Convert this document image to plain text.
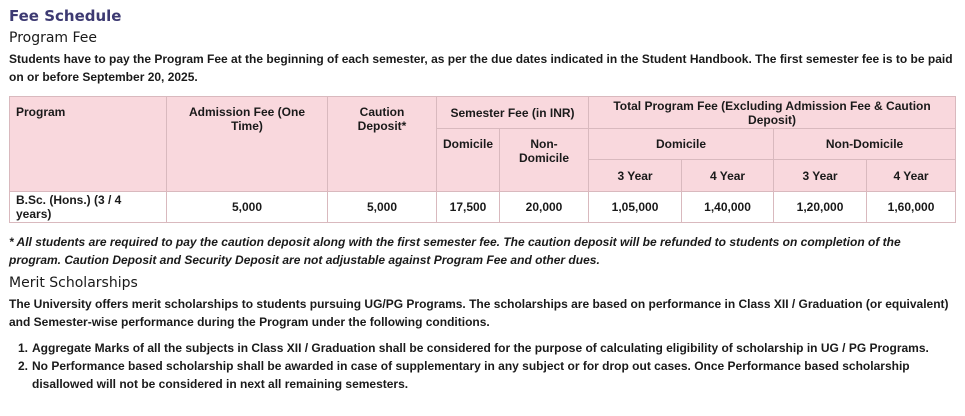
Fee Schedule
Program Fee

Students have to pay the Program Fee at the beginning of each semester, as per the due dates indicated in the Student Handbook. The first semester fee is to be paid on or before September 20, 2025.

Program	Admission Fee (One Time)	Caution Deposit*	Semester Fee (in INR)		Total Program Fee (Excluding Admission Fee & Caution Deposit)			
			Domicile	Non-Domicile	Domicile		Non-Domicile	
					3 Year	4 Year	3 Year	4 Year
B.Sc. (Hons.) (3 / 4 years)	5,000	5,000	17,500	20,000	1,05,000	1,40,000	1,20,000	1,60,000

* All students are required to pay the caution deposit along with the first semester fee. The caution deposit will be refunded to students on completion of the program. Caution Deposit and Security Deposit are not adjustable against Program Fee and other dues.

Merit Scholarships

The University offers merit scholarships to students pursuing UG/PG Programs. The scholarships are based on performance in Class XII / Graduation (or equivalent) and Semester-wise performance during the Program under the following conditions.

1. Aggregate Marks of all the subjects in Class XII / Graduation shall be considered for the purpose of calculating eligibility of scholarship in UG / PG Programs.
2. No Performance based scholarship shall be awarded in case of supplementary in any subject or for drop out cases. Once Performance based scholarship disallowed will not be considered in next all remaining semesters.
